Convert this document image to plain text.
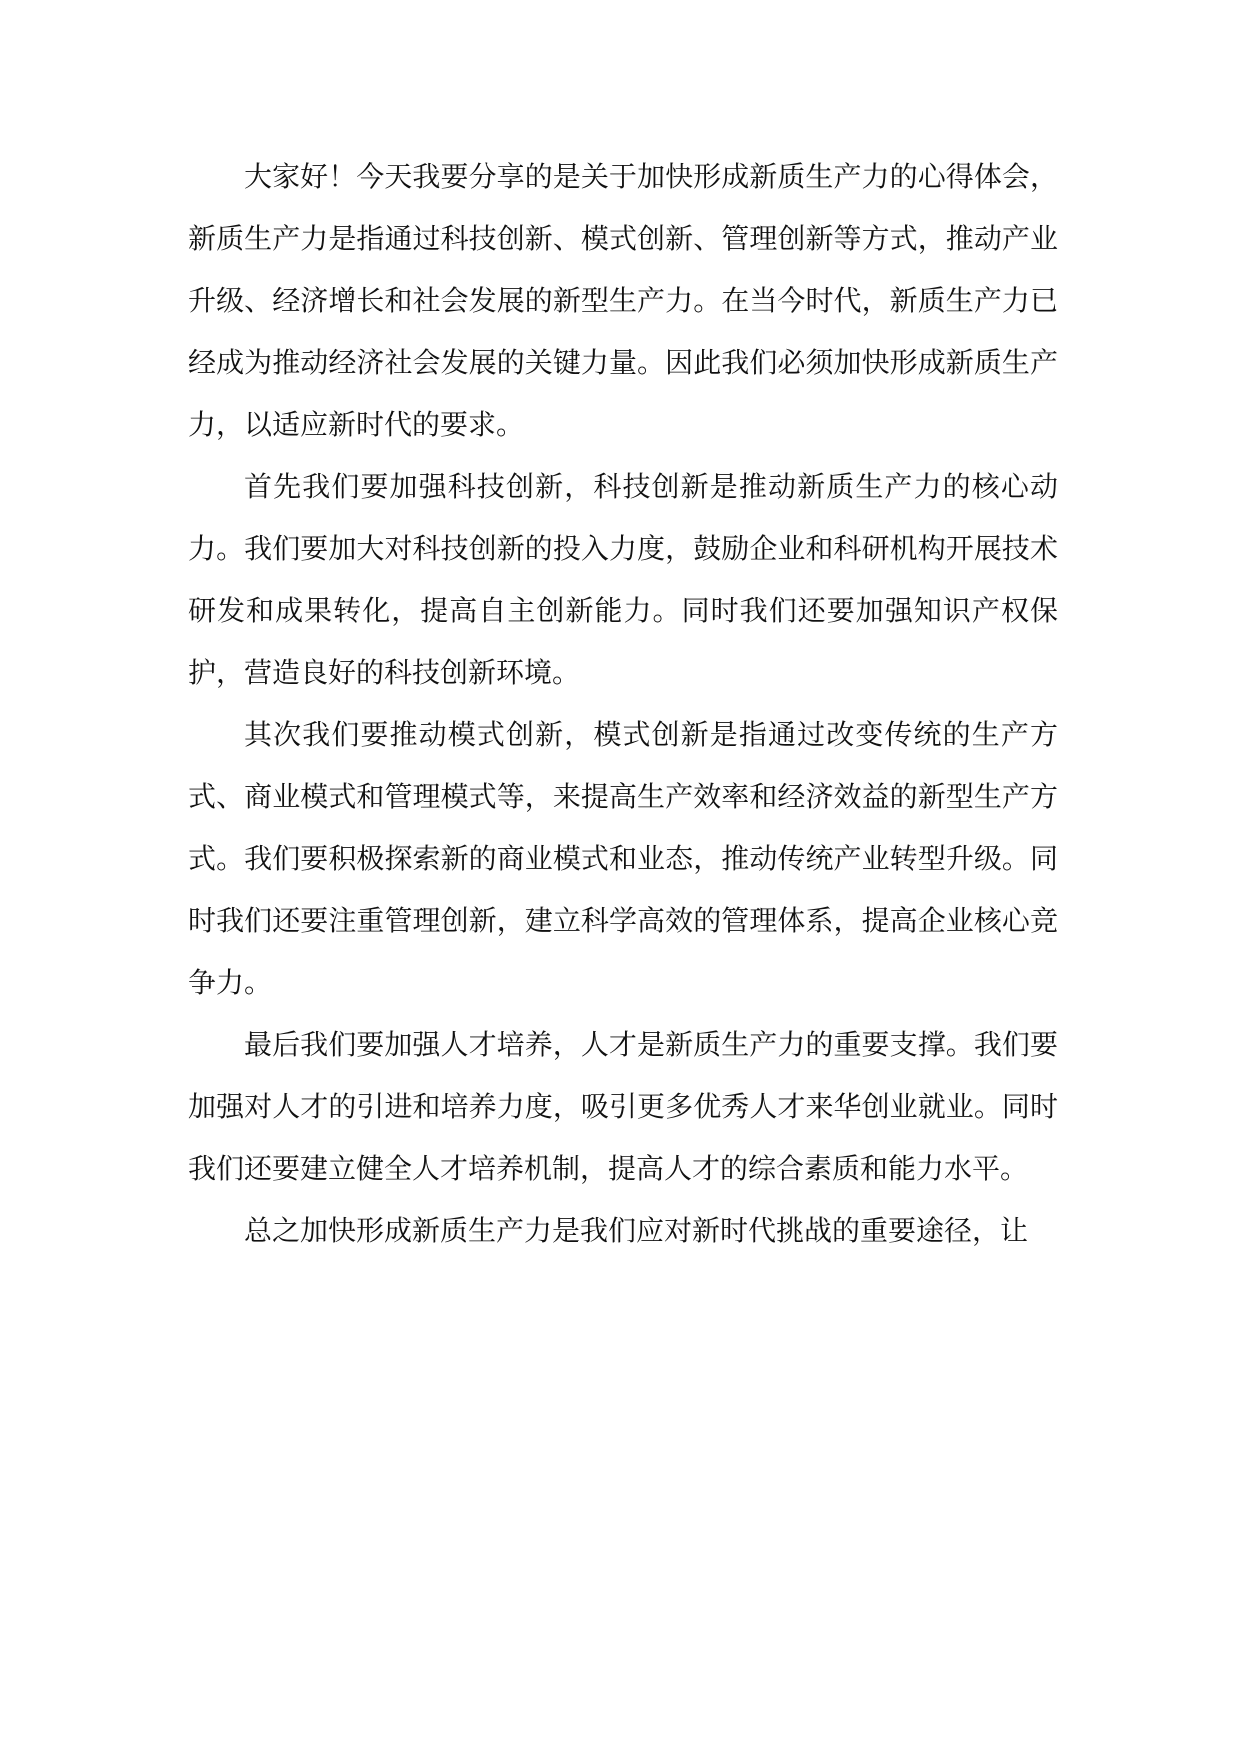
大家好！今天我要分享的是关于加快形成新质生产力的心得体会，新质生产力是指通过科技创新、模式创新、管理创新等方式，推动产业升级、经济增长和社会发展的新型生产力。在当今时代，新质生产力已经成为推动经济社会发展的关键力量。因此我们必须加快形成新质生产力，以适应新时代的要求。

首先我们要加强科技创新，科技创新是推动新质生产力的核心动力。我们要加大对科技创新的投入力度，鼓励企业和科研机构开展技术研发和成果转化，提高自主创新能力。同时我们还要加强知识产权保护，营造良好的科技创新环境。

其次我们要推动模式创新，模式创新是指通过改变传统的生产方式、商业模式和管理模式等，来提高生产效率和经济效益的新型生产方式。我们要积极探索新的商业模式和业态，推动传统产业转型升级。同时我们还要注重管理创新，建立科学高效的管理体系，提高企业核心竞争力。

最后我们要加强人才培养，人才是新质生产力的重要支撑。我们要加强对人才的引进和培养力度，吸引更多优秀人才来华创业就业。同时我们还要建立健全人才培养机制，提高人才的综合素质和能力水平。

总之加快形成新质生产力是我们应对新时代挑战的重要途径，让
